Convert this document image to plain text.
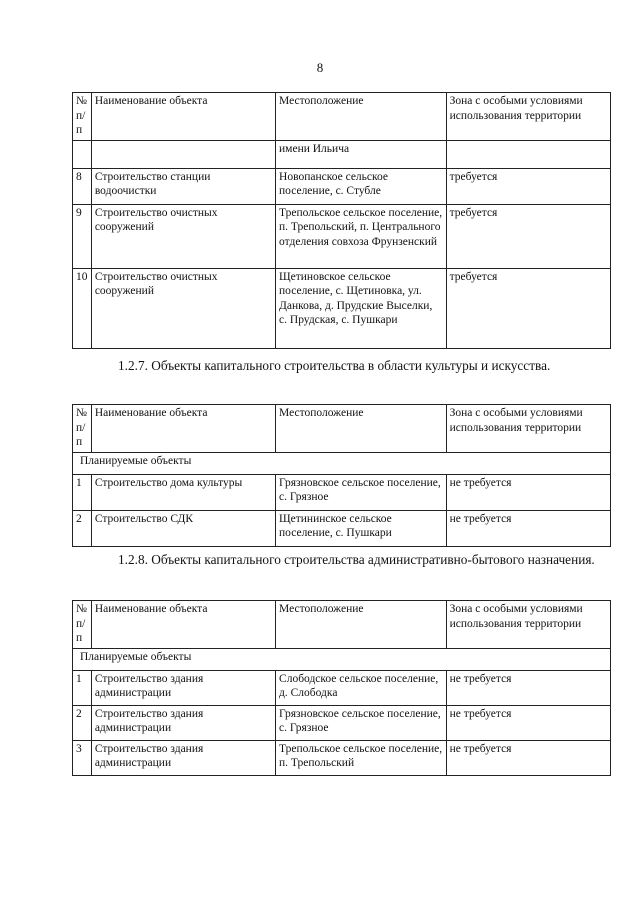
8
№ п/п	Наименование объекта	Местоположение	Зона с особыми условиями использования территории
		имени Ильича	
8	Строительство станции водоочистки	Новопанское сельское поселение, с. Стубле	требуется
9	Строительство очистных сооружений	Трепольское сельское поселение, п. Трепольский, п. Центрального отделения совхоза Фрунзенский	требуется
10	Строительство очистных сооружений	Щетиновское сельское поселение, с. Щетиновка, ул. Данкова, д. Прудские Выселки, с. Прудская, с. Пушкари	требуется

1.2.7. Объекты капитального строительства в области культуры и искусства.

№ п/п	Наименование объекта	Местоположение	Зона с особыми условиями использования территории
Планируемые объекты			
1	Строительство дома культуры	Грязновское сельское поселение, с. Грязное	не требуется
2	Строительство СДК	Щетининское сельское поселение, с. Пушкари	не требуется

1.2.8. Объекты капитального строительства административно-бытового назначения.

№ п/п	Наименование объекта	Местоположение	Зона с особыми условиями использования территории
Планируемые объекты			
1	Строительство здания администрации	Слободское сельское поселение, д. Слободка	не требуется
2	Строительство здания администрации	Грязновское сельское поселение, с. Грязное	не требуется
3	Строительство здания администрации	Трепольское сельское поселение, п. Трепольский	не требуется
